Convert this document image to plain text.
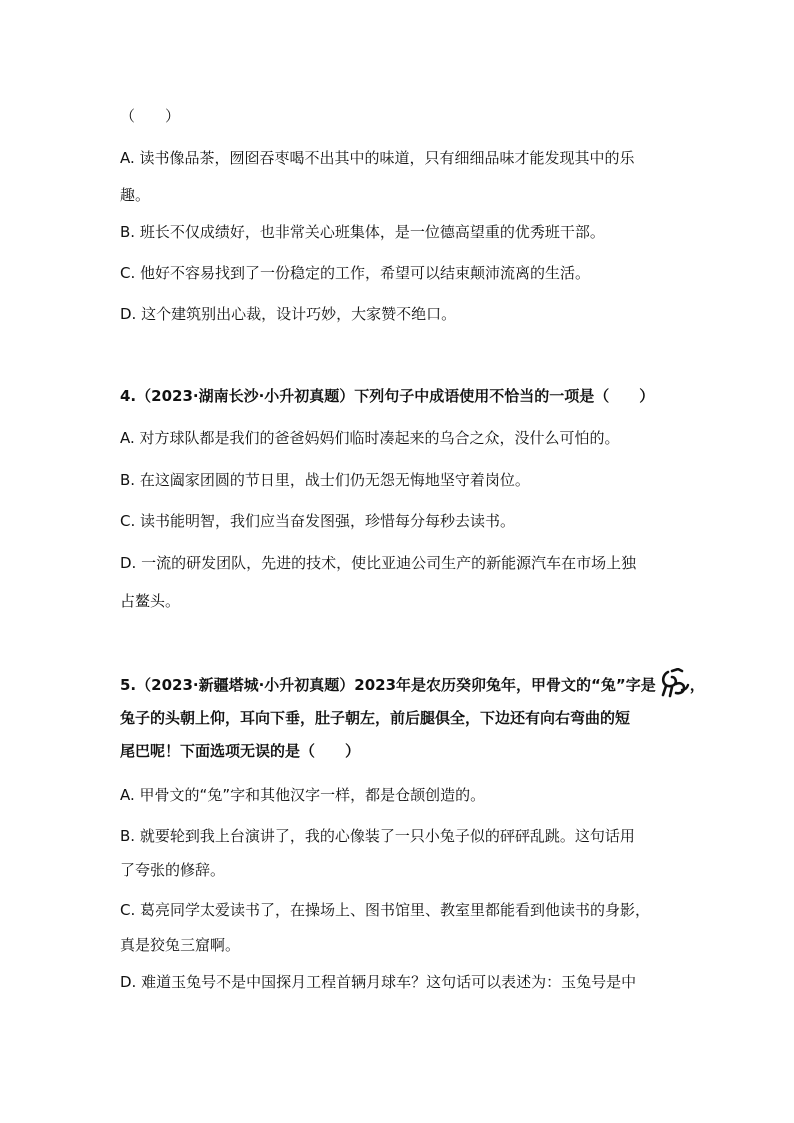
（　　）
A. 读书像品茶，囫囵吞枣喝不出其中的味道，只有细细品味才能发现其中的乐
趣。
B. 班长不仅成绩好，也非常关心班集体，是一位德高望重的优秀班干部。
C. 他好不容易找到了一份稳定的工作，希望可以结束颠沛流离的生活。
D. 这个建筑别出心裁，设计巧妙，大家赞不绝口。
4.（2023·湖南长沙·小升初真题）下列句子中成语使用不恰当的一项是（　　）
A. 对方球队都是我们的爸爸妈妈们临时凑起来的乌合之众，没什么可怕的。
B. 在这阖家团圆的节日里，战士们仍无怨无悔地坚守着岗位。
C. 读书能明智，我们应当奋发图强，珍惜每分每秒去读书。
D. 一流的研发团队，先进的技术，使比亚迪公司生产的新能源汽车在市场上独
占鳌头。
5.（2023·新疆塔城·小升初真题）2023年是农历癸卯兔年，甲骨文的“兔”字是 ，
兔子的头朝上仰，耳向下垂，肚子朝左，前后腿俱全，下边还有向右弯曲的短
尾巴呢！下面选项无误的是（　　）
A. 甲骨文的“兔”字和其他汉字一样，都是仓颉创造的。
B. 就要轮到我上台演讲了，我的心像装了一只小兔子似的砰砰乱跳。这句话用
了夸张的修辞。
C. 葛亮同学太爱读书了，在操场上、图书馆里、教室里都能看到他读书的身影，
真是狡兔三窟啊。
D. 难道玉兔号不是中国探月工程首辆月球车？这句话可以表述为：玉兔号是中
